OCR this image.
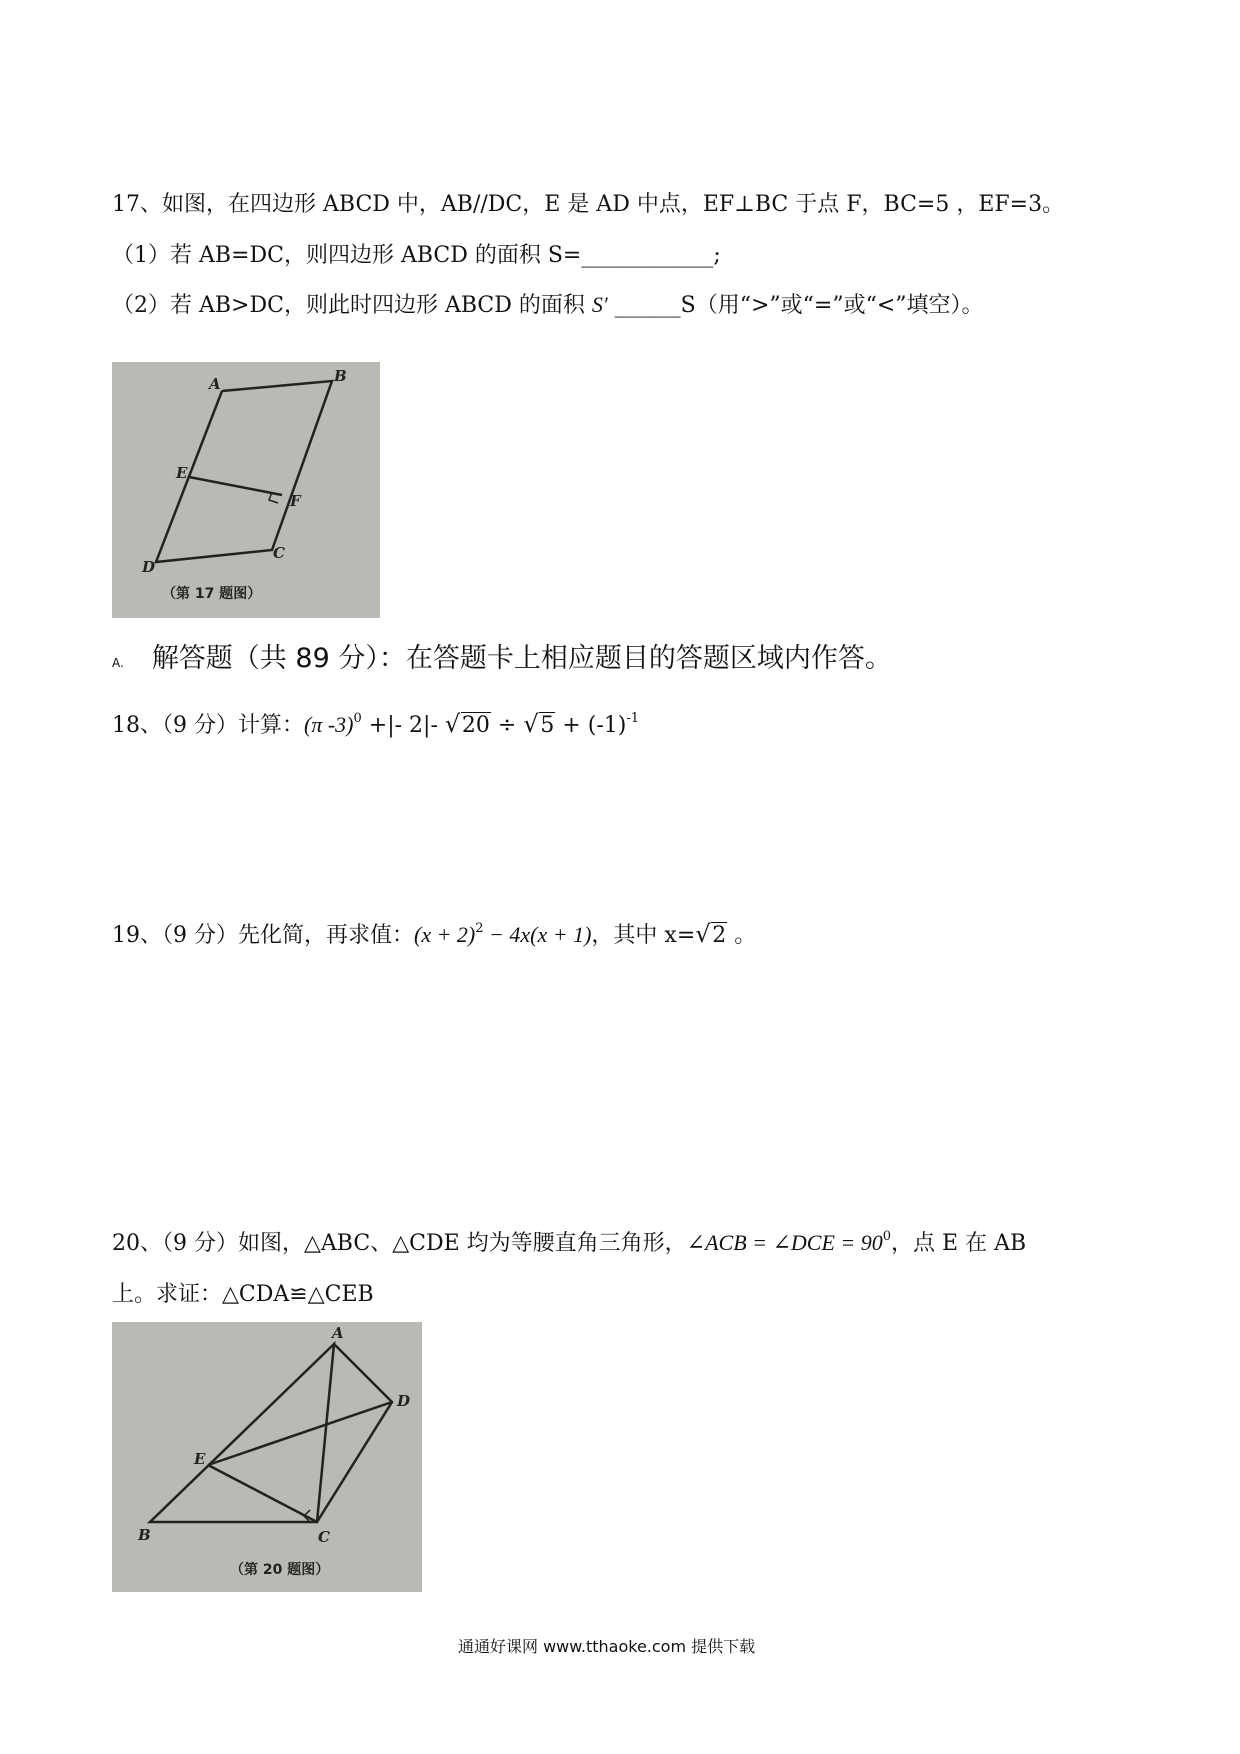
17、如图，在四边形 ABCD 中，AB//DC，E 是 AD 中点，EF⊥BC 于点 F，BC=5 ，EF=3。
（1）若 AB=DC，则四边形 ABCD 的面积 S=____________;
（2）若 AB>DC，则此时四边形 ABCD 的面积 S′ ______S（用“>”或“=”或“<”填空）。
A	B
C
D
E
F
（第 17 题图）
A. 解答题（共 89 分）：在答题卡上相应题目的答题区域内作答。
18、（9 分）计算：(π -3)$^0$ +|- 2|- √ 20 ÷ √ $5 + (-1)^{-1}$
19、（9 分）先化简，再求值：$(x + 2)^2 - 4x(x + 1)$，其中 x=√ 2 。
20、（9 分）如图，△ABC、△CDE 均为等腰直角三角形，∠ACB = ∠DCE = $90^0$，点 E 在 AB
上。求证：△CDA≌△CEB
A
B	C
D
E
（第 20 题图）
通通好课网 www.tthaoke.com 提供下载
